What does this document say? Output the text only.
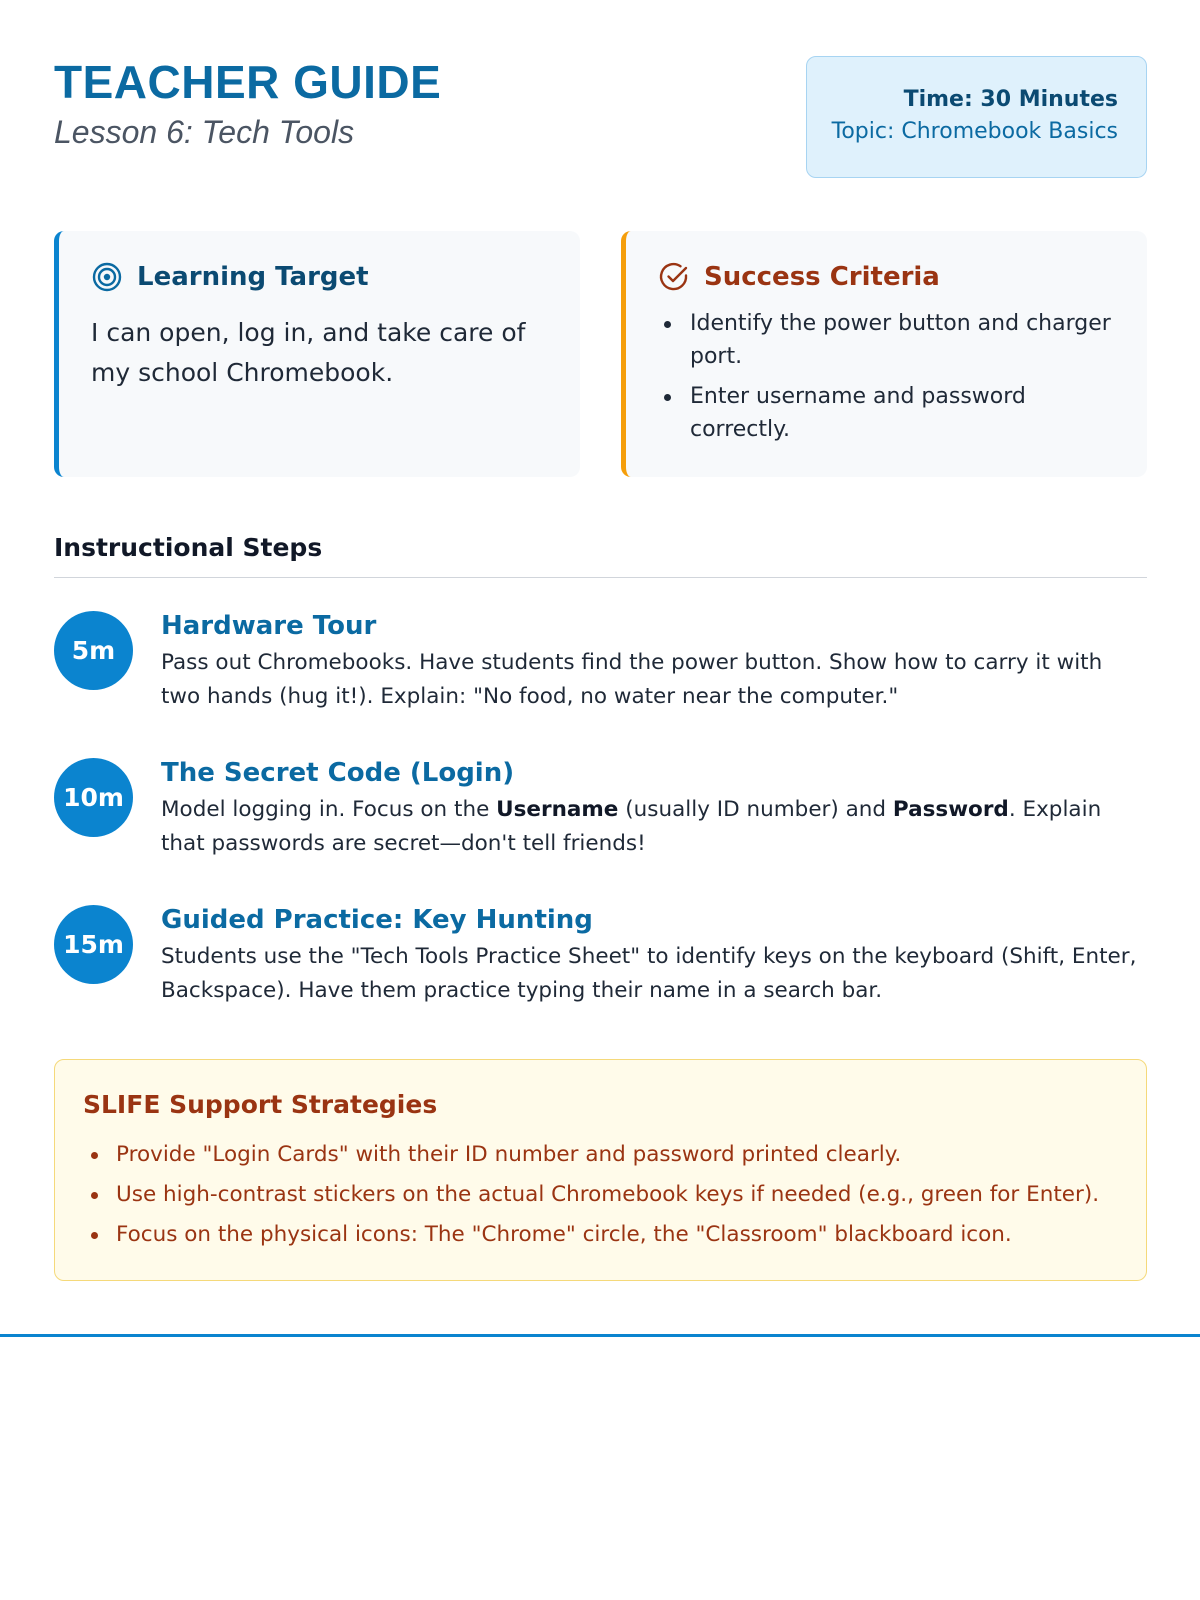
TEACHER GUIDE
Lesson 6: Tech Tools
Time: 30 Minutes
Topic: Chromebook Basics
Learning Target
I can open, log in, and take care of my school Chromebook.
Success Criteria
Identify the power button and charger port.
Enter username and password correctly.
Instructional Steps
5m
Hardware Tour
Pass out Chromebooks. Have students find the power button. Show how to carry it with two hands (hug it!). Explain: "No food, no water near the computer."
10m
The Secret Code (Login)
Model logging in. Focus on the Username (usually ID number) and Password. Explain that passwords are secret—don't tell friends!
15m
Guided Practice: Key Hunting
Students use the "Tech Tools Practice Sheet" to identify keys on the keyboard (Shift, Enter, Backspace). Have them practice typing their name in a search bar.
SLIFE Support Strategies
Provide "Login Cards" with their ID number and password printed clearly.
Use high-contrast stickers on the actual Chromebook keys if needed (e.g., green for Enter).
Focus on the physical icons: The "Chrome" circle, the "Classroom" blackboard icon.
